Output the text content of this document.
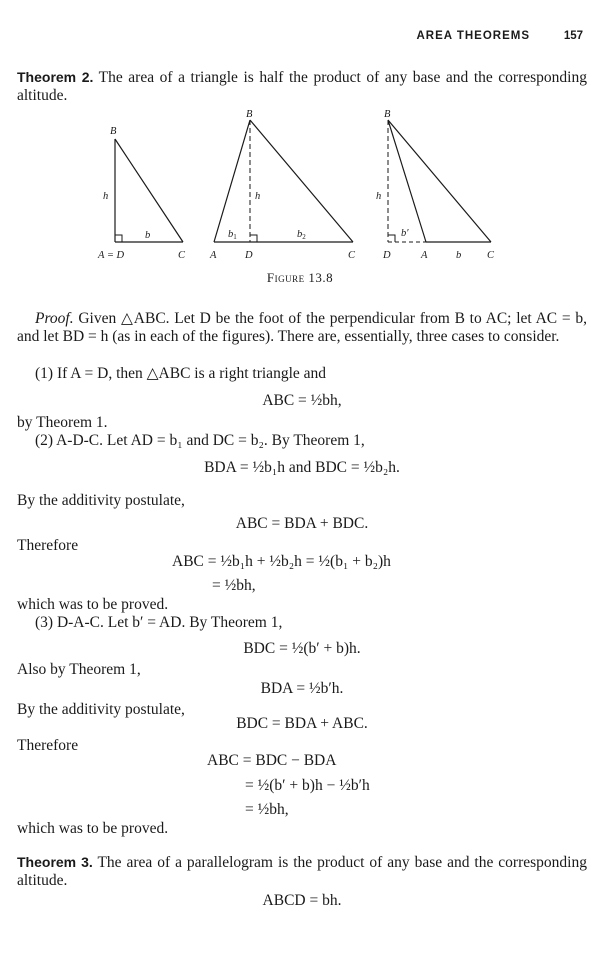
AREA THEOREMS	157

Theorem 2. The area of a triangle is half the product of any base and the corresponding altitude.

B
h
b
A = D	C
B
h
b1	b2
A	D	C
B
h
b′
D	A	b C
Figure 13.8

Proof. Given △ABC. Let D be the foot of the perpendicular from B to AC; let AC = b, and let BD = h (as in each of the figures). There are, essentially, three cases to consider.

(1) If A = D, then △ABC is a right triangle and

ABC = ½bh,

by Theorem 1.

(2) A-D-C. Let AD = b₁ and DC = b₂. By Theorem 1,

BDA = ½b₁h and BDC = ½b₂h.

By the additivity postulate,

ABC = BDA + BDC.

Therefore

ABC = ½b₁h + ½b₂h = ½(b₁ + b₂)h
= ½bh,

which was to be proved.

(3) D-A-C. Let b′ = AD. By Theorem 1,

BDC = ½(b′ + b)h.

Also by Theorem 1,

BDA = ½b′h.

By the additivity postulate,

BDC = BDA + ABC.

Therefore

ABC = BDC − BDA
= ½(b′ + b)h − ½b′h
= ½bh,

which was to be proved.

Theorem 3. The area of a parallelogram is the product of any base and the corresponding altitude.

ABCD = bh.
